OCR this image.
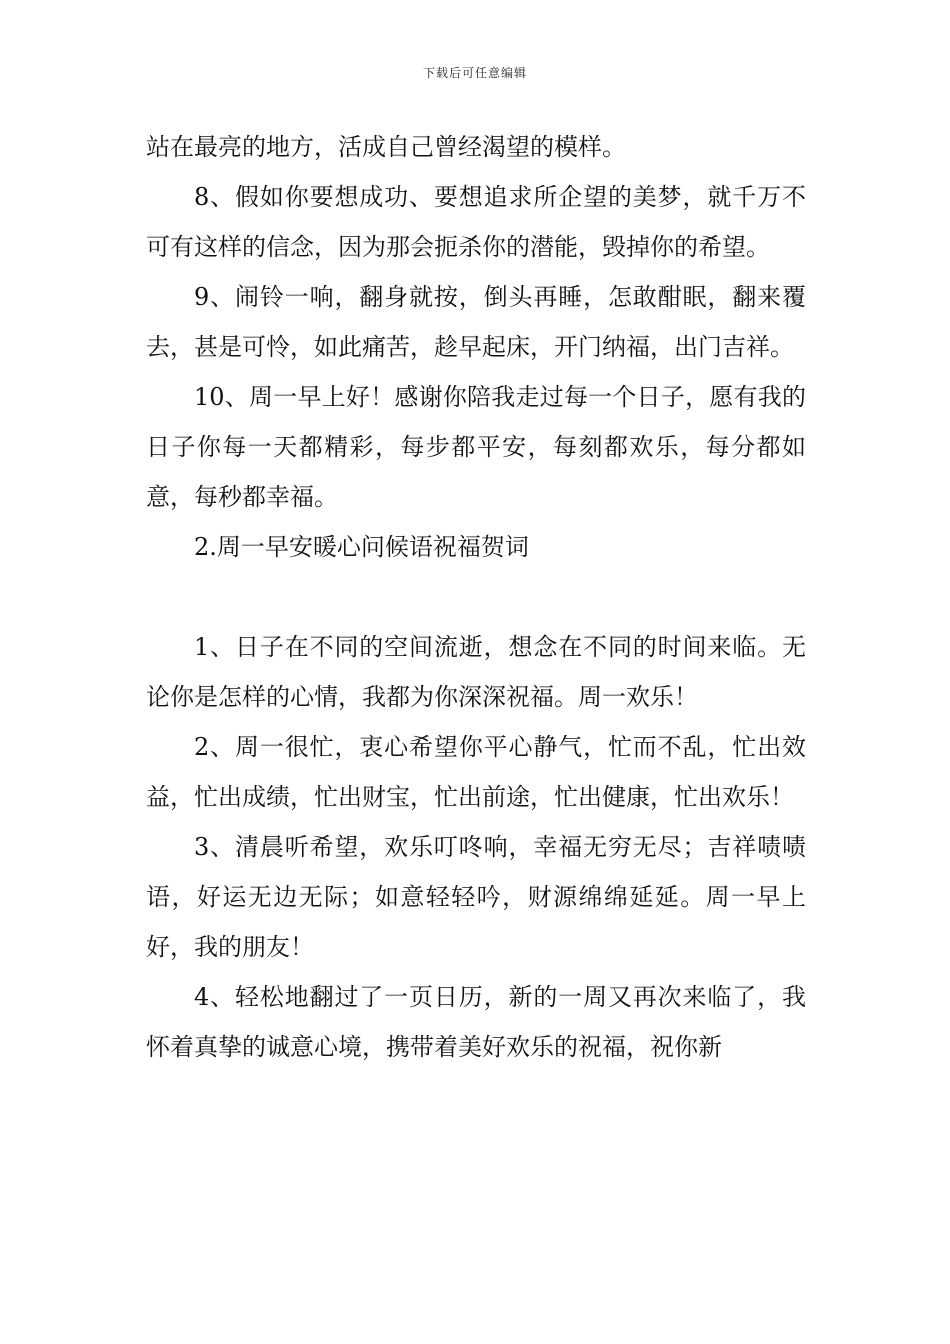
下载后可任意编辑

站在最亮的地方，活成自己曾经渴望的模样。

8、假如你要想成功、要想追求所企望的美梦，就千万不可有这样的信念，因为那会扼杀你的潜能，毁掉你的希望。

9、闹铃一响，翻身就按，倒头再睡，怎敢酣眠，翻来覆去，甚是可怜，如此痛苦，趁早起床，开门纳福，出门吉祥。

10、周一早上好！感谢你陪我走过每一个日子，愿有我的日子你每一天都精彩，每步都平安，每刻都欢乐，每分都如意，每秒都幸福。

2.周一早安暖心问候语祝福贺词

1、日子在不同的空间流逝，想念在不同的时间来临。无论你是怎样的心情，我都为你深深祝福。周一欢乐！

2、周一很忙，衷心希望你平心静气，忙而不乱，忙出效益，忙出成绩，忙出财宝，忙出前途，忙出健康，忙出欢乐！

3、清晨听希望，欢乐叮咚响，幸福无穷无尽；吉祥啧啧语，好运无边无际；如意轻轻吟，财源绵绵延延。周一早上好，我的朋友！

4、轻松地翻过了一页日历，新的一周又再次来临了，我怀着真挚的诚意心境，携带着美好欢乐的祝福，祝你新
